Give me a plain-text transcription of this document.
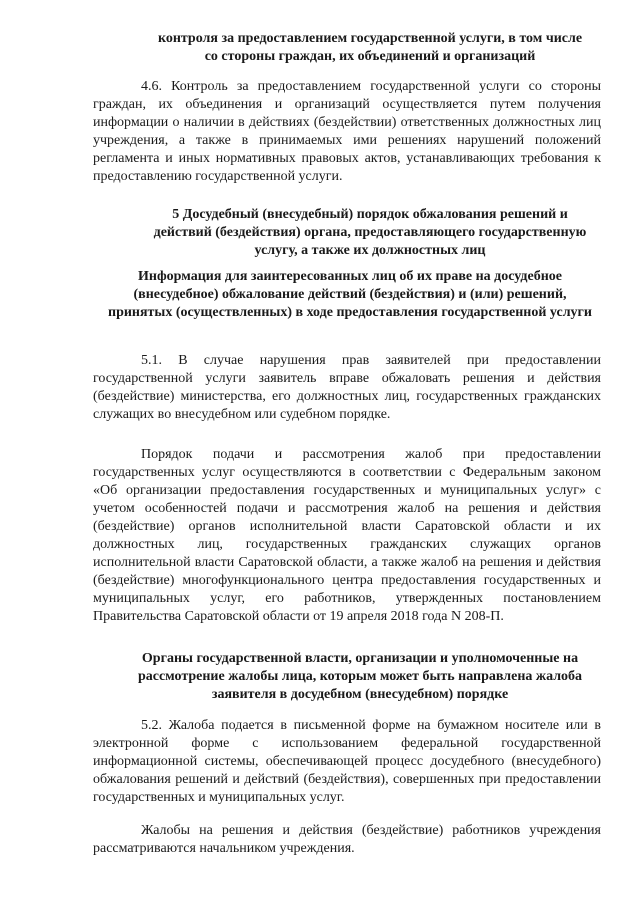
контроля за предоставлением государственной услуги, в том числе со стороны граждан, их объединений и организаций

4.6. Контроль за предоставлением государственной услуги со стороны граждан, их объединения и организаций осуществляется путем получения информации о наличии в действиях (бездействии) ответственных должностных лиц учреждения, а также в принимаемых ими решениях нарушений положений регламента и иных нормативных правовых актов, устанавливающих требования к предоставлению государственной услуги.

5 Досудебный (внесудебный) порядок обжалования решений и действий (бездействия) органа, предоставляющего государственную услугу, а также их должностных лиц

Информация для заинтересованных лиц об их праве на досудебное (внесудебное) обжалование действий (бездействия) и (или) решений, принятых (осуществленных) в ходе предоставления государственной услуги

5.1. В случае нарушения прав заявителей при предоставлении государственной услуги заявитель вправе обжаловать решения и действия (бездействие) министерства, его должностных лиц, государственных гражданских служащих во внесудебном или судебном порядке.

Порядок подачи и рассмотрения жалоб при предоставлении государственных услуг осуществляются в соответствии с Федеральным законом «Об организации предоставления государственных и муниципальных услуг» с учетом особенностей подачи и рассмотрения жалоб на решения и действия (бездействие) органов исполнительной власти Саратовской области и их должностных лиц, государственных гражданских служащих органов исполнительной власти Саратовской области, а также жалоб на решения и действия (бездействие) многофункционального центра предоставления государственных и муниципальных услуг, его работников, утвержденных постановлением Правительства Саратовской области от 19 апреля 2018 года N 208-П.

Органы государственной власти, организации и уполномоченные на рассмотрение жалобы лица, которым может быть направлена жалоба заявителя в досудебном (внесудебном) порядке

5.2. Жалоба подается в письменной форме на бумажном носителе или в электронной форме с использованием федеральной государственной информационной системы, обеспечивающей процесс досудебного (внесудебного) обжалования решений и действий (бездействия), совершенных при предоставлении государственных и муниципальных услуг.

Жалобы на решения и действия (бездействие) работников учреждения рассматриваются начальником учреждения.
